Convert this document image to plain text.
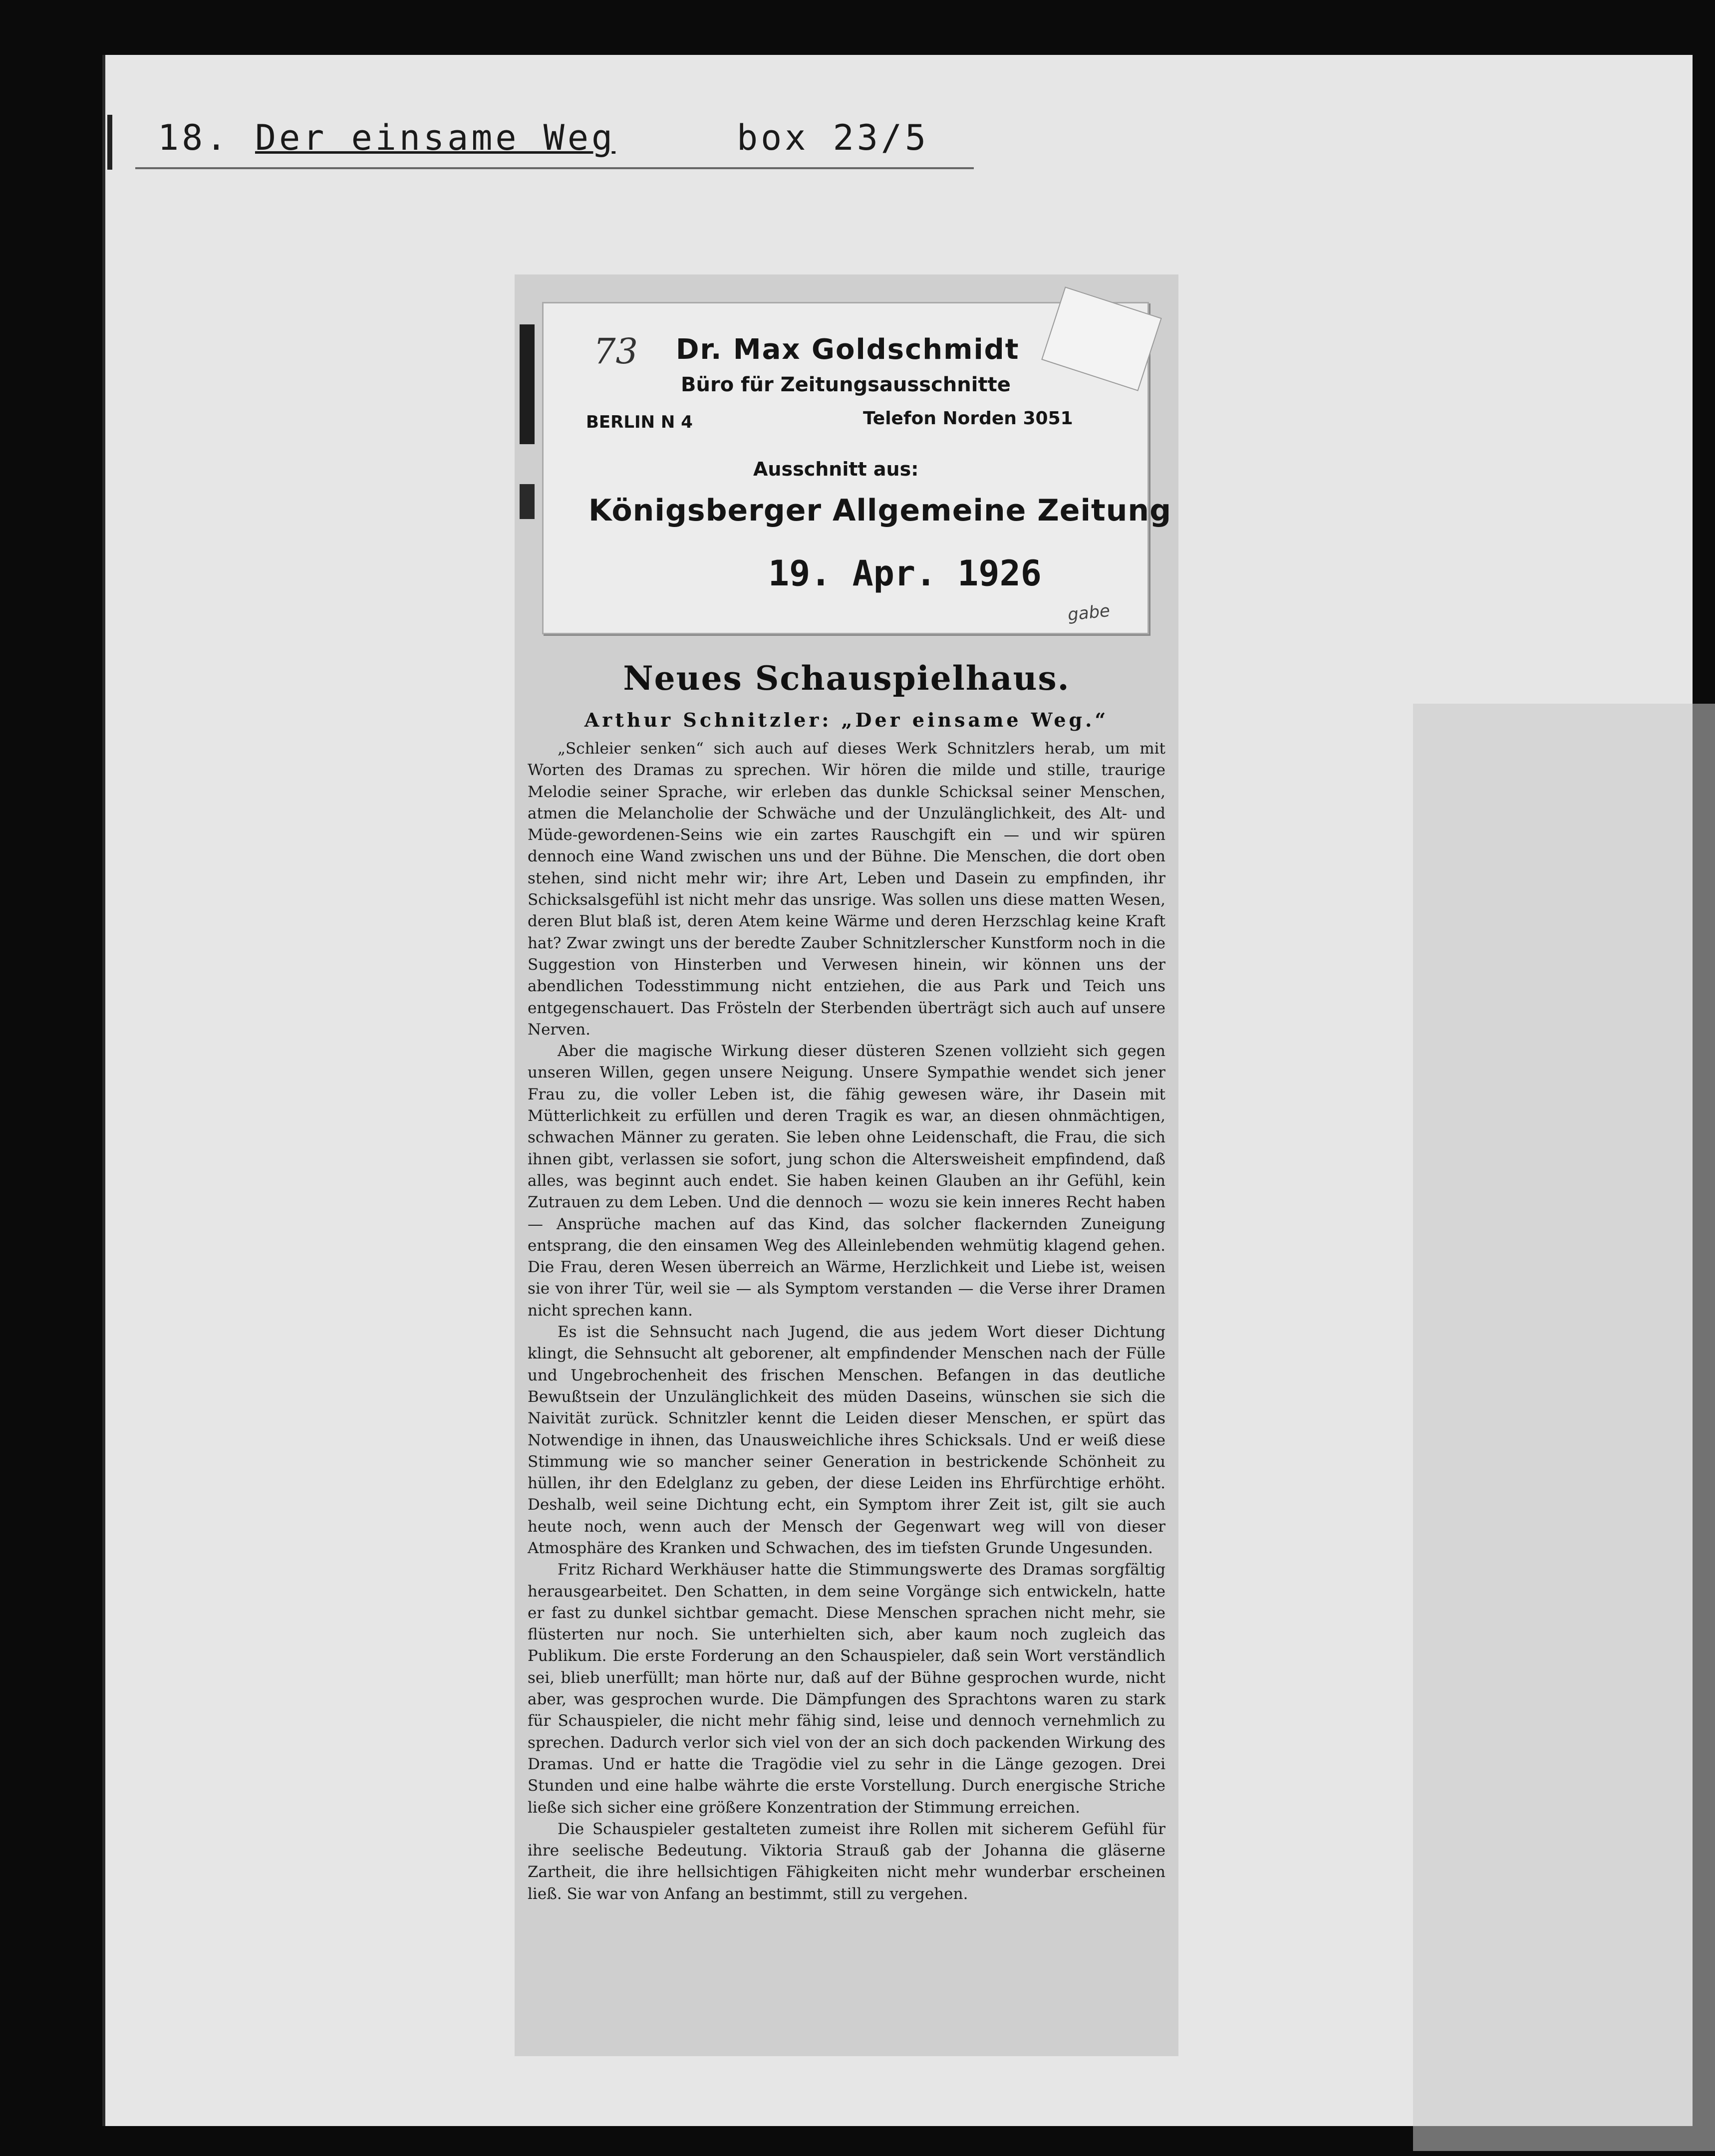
18. Der einsame Weg	box 23/5
73 Dr. Max Goldschmidt
Büro für Zeitungsausschnitte
BERLIN N 4	Telefon Norden 3051
Ausschnitt aus:
Königsberger Allgemeine Zeitung
19. Apr. 1926
gabe
Neues Schauspielhaus.
Arthur Schnitzler: „Der einsame Weg.“

„Schleier senken“ sich auch auf dieses Werk Schnitzlers herab, um mit Worten des Dramas zu sprechen. Wir hören die milde und stille, traurige Melodie seiner Sprache, wir erleben das dunkle Schicksal seiner Menschen, atmen die Melancholie der Schwäche und der Unzulänglichkeit, des Alt- und Müde-gewordenen-Seins wie ein zartes Rauschgift ein — und wir spüren dennoch eine Wand zwischen uns und der Bühne. Die Menschen, die dort oben stehen, sind nicht mehr wir; ihre Art, Leben und Dasein zu empfinden, ihr Schicksalsgefühl ist nicht mehr das unsrige. Was sollen uns diese matten Wesen, deren Blut blaß ist, deren Atem keine Wärme und deren Herzschlag keine Kraft hat? Zwar zwingt uns der beredte Zauber Schnitzlerscher Kunstform noch in die Suggestion von Hinsterben und Verwesen hinein, wir können uns der abendlichen Todesstimmung nicht entziehen, die aus Park und Teich uns entgegenschauert. Das Frösteln der Sterbenden überträgt sich auch auf unsere Nerven.

Aber die magische Wirkung dieser düsteren Szenen vollzieht sich gegen unseren Willen, gegen unsere Neigung. Unsere Sympathie wendet sich jener Frau zu, die voller Leben ist, die fähig gewesen wäre, ihr Dasein mit Mütterlichkeit zu erfüllen und deren Tragik es war, an diesen ohnmächtigen, schwachen Männer zu geraten. Sie leben ohne Leidenschaft, die Frau, die sich ihnen gibt, verlassen sie sofort, jung schon die Altersweisheit empfindend, daß alles, was beginnt auch endet. Sie haben keinen Glauben an ihr Gefühl, kein Zutrauen zu dem Leben. Und die dennoch — wozu sie kein inneres Recht haben — Ansprüche machen auf das Kind, das solcher flackernden Zuneigung entsprang, die den einsamen Weg des Alleinlebenden wehmütig klagend gehen. Die Frau, deren Wesen überreich an Wärme, Herzlichkeit und Liebe ist, weisen sie von ihrer Tür, weil sie — als Symptom verstanden — die Verse ihrer Dramen nicht sprechen kann.

Es ist die Sehnsucht nach Jugend, die aus jedem Wort dieser Dichtung klingt, die Sehnsucht alt geborener, alt empfindender Menschen nach der Fülle und Ungebrochenheit des frischen Menschen. Befangen in das deutliche Bewußtsein der Unzulänglichkeit des müden Daseins, wünschen sie sich die Naivität zurück. Schnitzler kennt die Leiden dieser Menschen, er spürt das Notwendige in ihnen, das Unausweichliche ihres Schicksals. Und er weiß diese Stimmung wie so mancher seiner Generation in bestrickende Schönheit zu hüllen, ihr den Edelglanz zu geben, der diese Leiden ins Ehrfürchtige erhöht. Deshalb, weil seine Dichtung echt, ein Symptom ihrer Zeit ist, gilt sie auch heute noch, wenn auch der Mensch der Gegenwart weg will von dieser Atmosphäre des Kranken und Schwachen, des im tiefsten Grunde Ungesunden.

Fritz Richard Werkhäuser hatte die Stimmungswerte des Dramas sorgfältig herausgearbeitet. Den Schatten, in dem seine Vorgänge sich entwickeln, hatte er fast zu dunkel sichtbar gemacht. Diese Menschen sprachen nicht mehr, sie flüsterten nur noch. Sie unterhielten sich, aber kaum noch zugleich das Publikum. Die erste Forderung an den Schauspieler, daß sein Wort verständlich sei, blieb unerfüllt; man hörte nur, daß auf der Bühne gesprochen wurde, nicht aber, was gesprochen wurde. Die Dämpfungen des Sprachtons waren zu stark für Schauspieler, die nicht mehr fähig sind, leise und dennoch vernehmlich zu sprechen. Dadurch verlor sich viel von der an sich doch packenden Wirkung des Dramas. Und er hatte die Tragödie viel zu sehr in die Länge gezogen. Drei Stunden und eine halbe währte die erste Vorstellung. Durch energische Striche ließe sich sicher eine größere Konzentration der Stimmung erreichen.

Die Schauspieler gestalteten zumeist ihre Rollen mit sicherem Gefühl für ihre seelische Bedeutung. Viktoria Strauß gab der Johanna die gläserne Zartheit, die ihre hellsichtigen Fähigkeiten nicht mehr wunderbar erscheinen ließ. Sie war von Anfang an bestimmt, still zu vergehen.
